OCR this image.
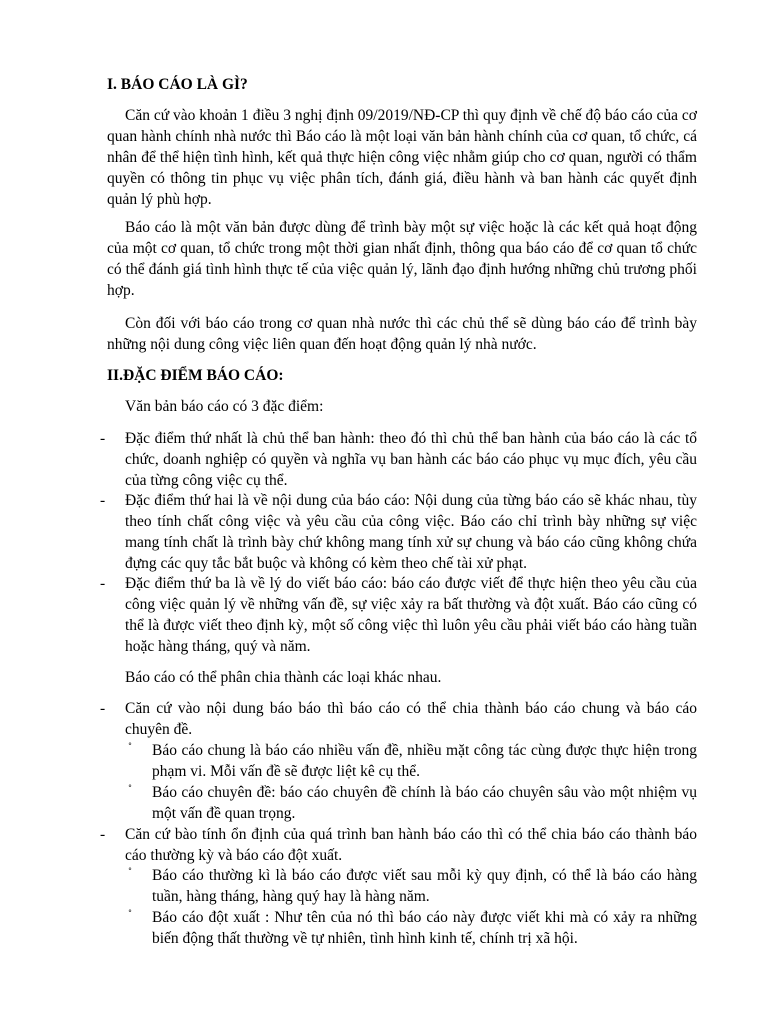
I. BÁO CÁO LÀ GÌ?

Căn cứ vào khoản 1 điều 3 nghị định 09/2019/NĐ-CP thì quy định về chế độ báo cáo của cơ quan hành chính nhà nước thì Báo cáo là một loại văn bản hành chính của cơ quan, tổ chức, cá nhân để thể hiện tình hình, kết quả thực hiện công việc nhằm giúp cho cơ quan, người có thẩm quyền có thông tin phục vụ việc phân tích, đánh giá, điều hành và ban hành các quyết định quản lý phù hợp.

Báo cáo là một văn bản được dùng để trình bày một sự việc hoặc là các kết quả hoạt động của một cơ quan, tổ chức trong một thời gian nhất định, thông qua báo cáo để cơ quan tổ chức có thể đánh giá tình hình thực tế của việc quản lý, lãnh đạo định hướng những chủ trương phối hợp.

Còn đối với báo cáo trong cơ quan nhà nước thì các chủ thể sẽ dùng báo cáo để trình bày những nội dung công việc liên quan đến hoạt động quản lý nhà nước.

II.ĐẶC ĐIỂM BÁO CÁO:

Văn bản báo cáo có 3 đặc điểm:

- Đặc điểm thứ nhất là chủ thể ban hành: theo đó thì chủ thể ban hành của báo cáo là các tổ chức, doanh nghiệp có quyền và nghĩa vụ ban hành các báo cáo phục vụ mục đích, yêu cầu của từng công việc cụ thể.
- Đặc điểm thứ hai là về nội dung của báo cáo: Nội dung của từng báo cáo sẽ khác nhau, tùy theo tính chất công việc và yêu cầu của công việc. Báo cáo chỉ trình bày những sự việc mang tính chất là trình bày chứ không mang tính xử sự chung và báo cáo cũng không chứa đựng các quy tắc bắt buộc và không có kèm theo chế tài xử phạt.
- Đặc điểm thứ ba là về lý do viết báo cáo: báo cáo được viết để thực hiện theo yêu cầu của công việc quản lý về những vấn đề, sự việc xảy ra bất thường và đột xuất. Báo cáo cũng có thể là được viết theo định kỳ, một số công việc thì luôn yêu cầu phải viết báo cáo hàng tuần hoặc hàng tháng, quý và năm.

Báo cáo có thể phân chia thành các loại khác nhau.

- Căn cứ vào nội dung báo báo thì báo cáo có thể chia thành báo cáo chung và báo cáo chuyên đề.
˚ Báo cáo chung là báo cáo nhiều vấn đề, nhiều mặt công tác cùng được thực hiện trong phạm vi. Mỗi vấn đề sẽ được liệt kê cụ thể.
˚ Báo cáo chuyên đề: báo cáo chuyên đề chính là báo cáo chuyên sâu vào một nhiệm vụ một vấn đề quan trọng.
- Căn cứ bào tính ổn định của quá trình ban hành báo cáo thì có thể chia báo cáo thành báo cáo thường kỳ và báo cáo đột xuất.
˚ Báo cáo thường kì là báo cáo được viết sau mỗi kỳ quy định, có thể là báo cáo hàng tuần, hàng tháng, hàng quý hay là hàng năm.
˚ Báo cáo đột xuất : Như tên của nó thì báo cáo này được viết khi mà có xảy ra những biến động thất thường về tự nhiên, tình hình kinh tế, chính trị xã hội.
